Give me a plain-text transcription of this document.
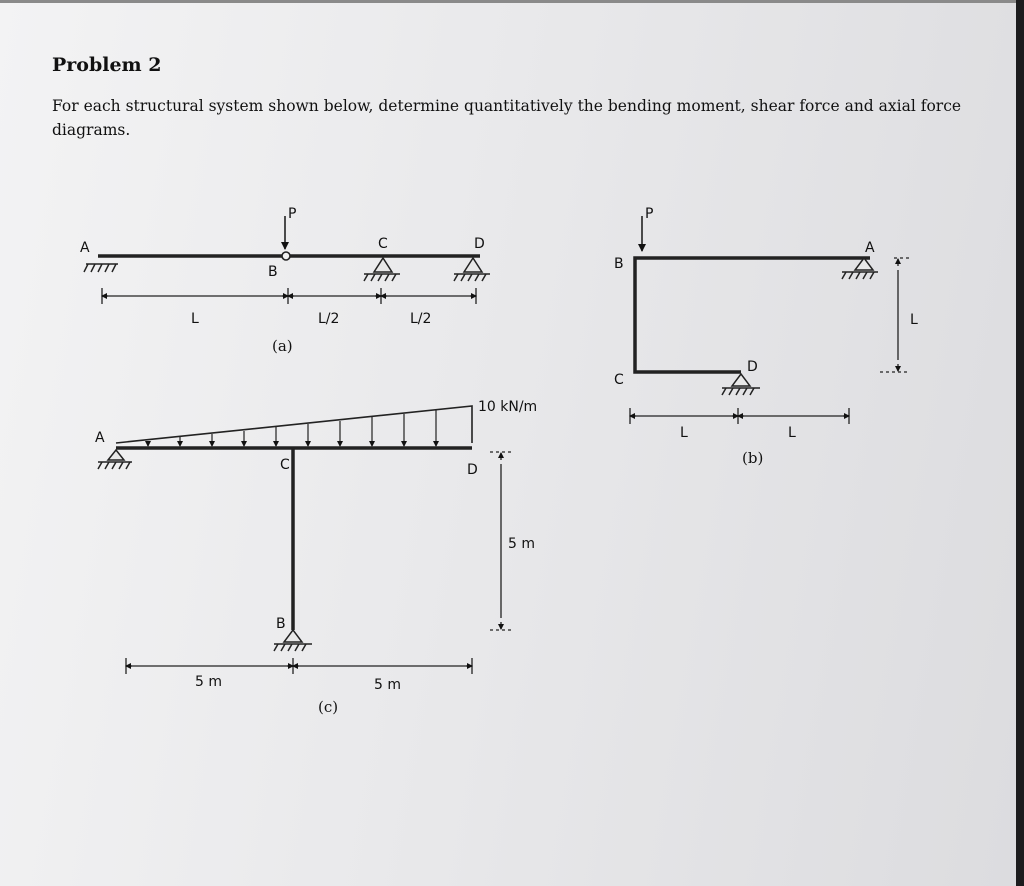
Problem 2
For each structural system shown below, determine quantitatively the bending moment, shear force and axial force diagrams.
P
A
B
C	D
L	L/2	L/2
(a)
P
B
A
C
D
L
L	L
(b)
10 kN/m
A
C	D
B
5 m
5 m	5 m
(c)
